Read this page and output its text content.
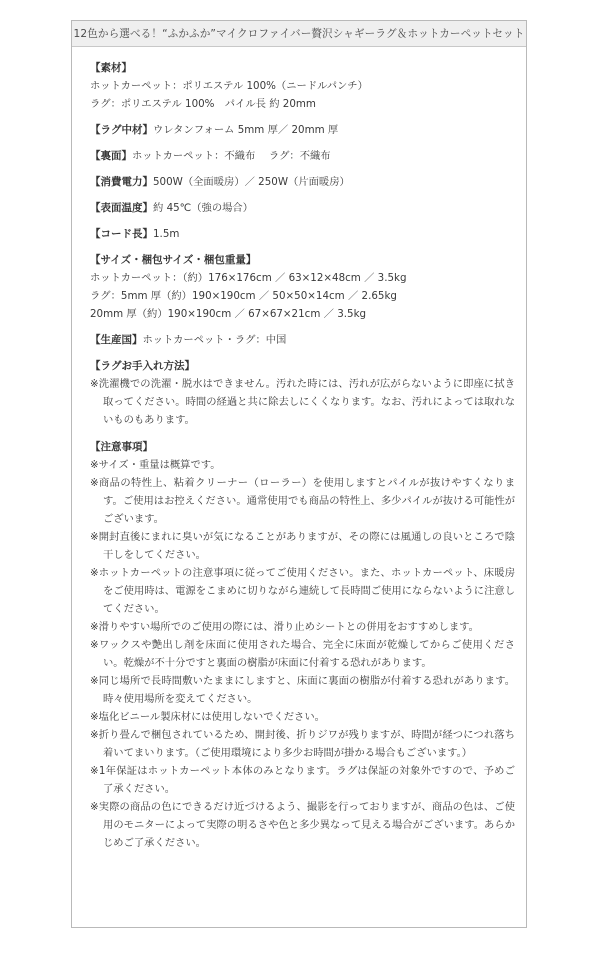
12色から選べる！“ふかふか”マイクロファイバー贅沢シャギーラグ＆ホットカーペットセット
【素材】
ホットカーペット：ポリエステル 100%（ニードルパンチ）
ラグ：ポリエステル 100%　パイル長 約 20mm
【ラグ中材】ウレタンフォーム 5mm 厚／ 20mm 厚
【裏面】ホットカーペット：不織布　 ラグ：不織布
【消費電力】500W（全面暖房）／ 250W（片面暖房）
【表面温度】約 45℃（強の場合）
【コード長】1.5m
【サイズ・梱包サイズ・梱包重量】
ホットカーペット：（約）176×176cm ／ 63×12×48cm ／ 3.5kg
ラグ：5mm 厚（約）190×190cm ／ 50×50×14cm ／ 2.65kg
20mm 厚（約）190×190cm ／ 67×67×21cm ／ 3.5kg
【生産国】ホットカーペット・ラグ：中国
【ラグお手入れ方法】
※洗濯機での洗濯・脱水はできません。汚れた時には、汚れが広がらないように即座に拭き取ってください。時間の経過と共に除去しにくくなります。なお、汚れによっては取れないものもあります。
【注意事項】
※サイズ・重量は概算です。
※商品の特性上、粘着クリーナー（ローラー）を使用しますとパイルが抜けやすくなります。ご使用はお控えください。通常使用でも商品の特性上、多少パイルが抜ける可能性がございます。
※開封直後にまれに臭いが気になることがありますが、その際には風通しの良いところで陰干しをしてください。
※ホットカーペットの注意事項に従ってご使用ください。また、ホットカーペット、床暖房をご使用時は、電源をこまめに切りながら連続して長時間ご使用にならないように注意してください。
※滑りやすい場所でのご使用の際には、滑り止めシートとの併用をおすすめします。
※ワックスや艶出し剤を床面に使用された場合、完全に床面が乾燥してからご使用ください。乾燥が不十分ですと裏面の樹脂が床面に付着する恐れがあります。
※同じ場所で長時間敷いたままにしますと、床面に裏面の樹脂が付着する恐れがあります。時々使用場所を変えてください。
※塩化ビニール製床材には使用しないでください。
※折り畳んで梱包されているため、開封後、折りジワが残りますが、時間が経つにつれ落ち着いてまいります。（ご使用環境により多少お時間が掛かる場合もございます。）
※1年保証はホットカーペット本体のみとなります。ラグは保証の対象外ですので、予めご了承ください。
※実際の商品の色にできるだけ近づけるよう、撮影を行っておりますが、商品の色は、ご使用のモニターによって実際の明るさや色と多少異なって見える場合がございます。あらかじめご了承ください。
